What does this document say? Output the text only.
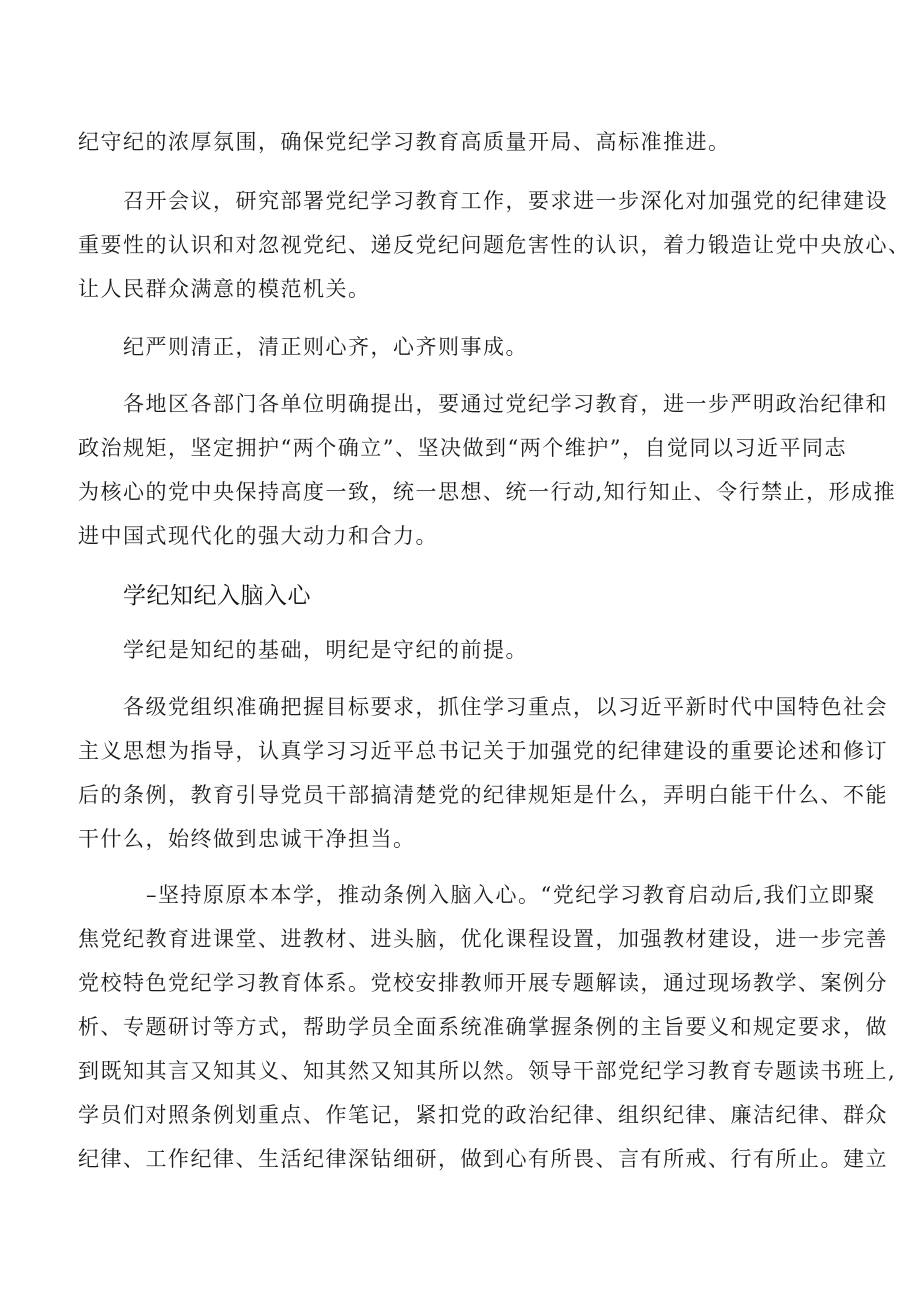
纪守纪的浓厚氛围，确保党纪学习教育高质量开局、高标准推进。
召开会议，研究部署党纪学习教育工作，要求进一步深化对加强党的纪律建设
重要性的认识和对忽视党纪、递反党纪问题危害性的认识，着力锻造让党中央放心、
让人民群众满意的模范机关。
纪严则清正，清正则心齐，心齐则事成。
各地区各部门各单位明确提出，要通过党纪学习教育，进一步严明政治纪律和
政治规矩，坚定拥护“两个确立”、坚决做到“两个维护”，自觉同以习近平同志
为核心的党中央保持高度一致，统一思想、统一行动,知行知止、令行禁止，形成推
进中国式现代化的强大动力和合力。
学纪知纪入脑入心
学纪是知纪的基础，明纪是守纪的前提。
各级党组织准确把握目标要求，抓住学习重点，以习近平新时代中国特色社会
主义思想为指导，认真学习习近平总书记关于加强党的纪律建设的重要论述和修订
后的条例，教育引导党员干部搞清楚党的纪律规矩是什么，弄明白能干什么、不能
干什么，始终做到忠诚干净担当。
–坚持原原本本学，推动条例入脑入心。“党纪学习教育启动后,我们立即聚
焦党纪教育进课堂、进教材、进头脑，优化课程设置，加强教材建设，进一步完善
党校特色党纪学习教育体系。党校安排教师开展专题解读，通过现场教学、案例分
析、专题研讨等方式，帮助学员全面系统准确掌握条例的主旨要义和规定要求，做
到既知其言又知其义、知其然又知其所以然。领导干部党纪学习教育专题读书班上,
学员们对照条例划重点、作笔记，紧扣党的政治纪律、组织纪律、廉洁纪律、群众
纪律、工作纪律、生活纪律深钻细研，做到心有所畏、言有所戒、行有所止。建立
